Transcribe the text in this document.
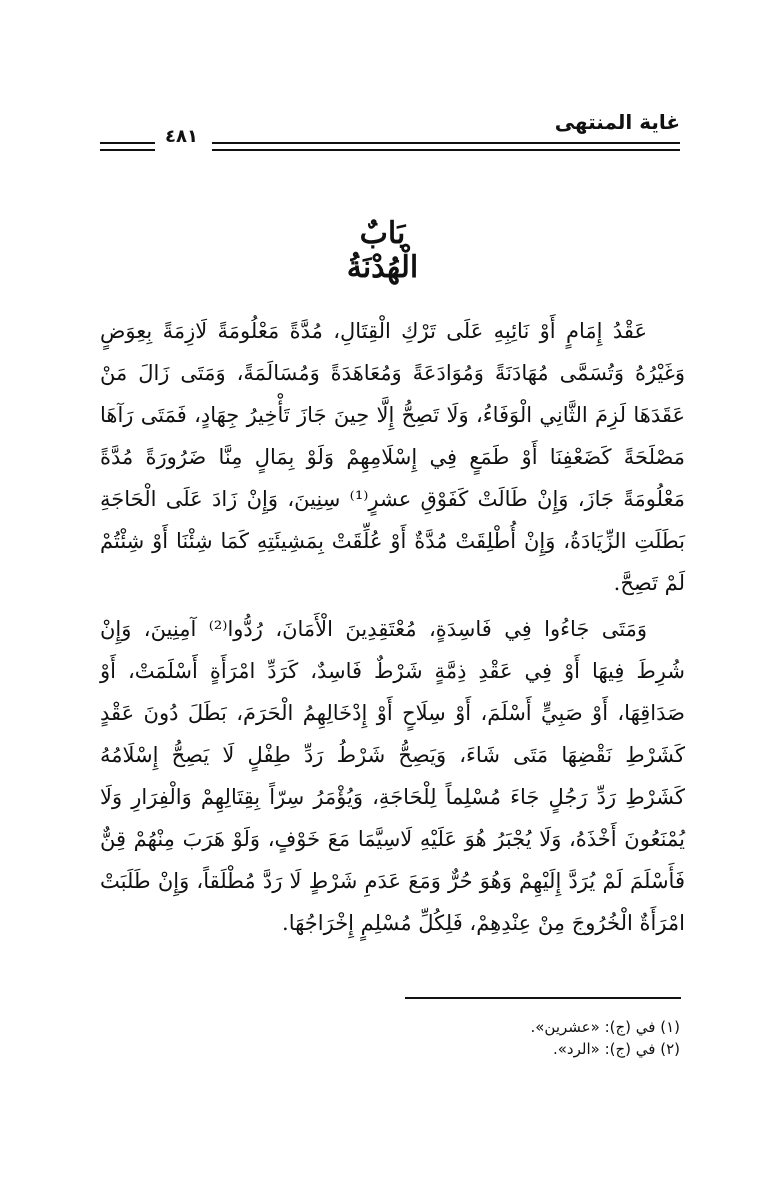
غاية المنتهى
٤٨١
بَابٌ
الْهُدْنَةُ

عَقْدُ إِمَامٍ أَوْ نَائِبِهِ عَلَى تَرْكِ الْقِتَالِ، مُدَّةً مَعْلُومَةً لَازِمَةً بِعِوَضٍ وَغَيْرُهُ وَتُسَمَّى مُهَادَنَةً وَمُوَادَعَةً وَمُعَاهَدَةً وَمُسَالَمَةً، وَمَتَى زَالَ مَنْ عَقَدَهَا لَزِمَ الثَّانِي الْوَفَاءُ، وَلَا تَصِحُّ إِلَّا حِينَ جَازَ تَأْخِيرُ جِهَادٍ، فَمَتَى رَآهَا مَصْلَحَةً كَضَعْفِنَا أَوْ طَمَعٍ فِي إِسْلَامِهِمْ وَلَوْ بِمَالٍ مِنَّا ضَرُورَةً مُدَّةً مَعْلُومَةً جَازَ، وَإِنْ طَالَتْ كَفَوْقِ عشرٍ⁽¹⁾ سِنِينَ، وَإِنْ زَادَ عَلَى الْحَاجَةِ بَطَلَتِ الزِّيَادَةُ، وَإِنْ أُطْلِقَتْ مُدَّةٌ أَوْ عُلِّقَتْ بِمَشِيئَتِهِ كَمَا شِئْنَا أَوْ شِئْتُمْ لَمْ تَصِحَّ.

وَمَتَى جَاءُوا فِي فَاسِدَةٍ، مُعْتَقِدِينَ الْأَمَانَ، رُدُّوا⁽²⁾ آمِنِينَ، وَإِنْ شُرِطَ فِيهَا أَوْ فِي عَقْدِ ذِمَّةٍ شَرْطٌ فَاسِدٌ، كَرَدِّ امْرَأَةٍ أَسْلَمَتْ، أَوْ صَدَاقِهَا، أَوْ صَبِيٍّ أَسْلَمَ، أَوْ سِلَاحٍ أَوْ إِدْخَالِهِمُ الْحَرَمَ، بَطَلَ دُونَ عَقْدٍ كَشَرْطِ نَقْضِهَا مَتَى شَاءَ، وَيَصِحُّ شَرْطُ رَدِّ طِفْلٍ لَا يَصِحُّ إِسْلَامُهُ كَشَرْطِ رَدِّ رَجُلٍ جَاءَ مُسْلِماً لِلْحَاجَةِ، وَيُؤْمَرُ سِرّاً بِقِتَالِهِمْ وَالْفِرَارِ وَلَا يُمْنَعُونَ أَخْذَهُ، وَلَا يُجْبَرُ هُوَ عَلَيْهِ لَاسِيَّمَا مَعَ خَوْفٍ، وَلَوْ هَرَبَ مِنْهُمْ قِنٌّ فَأَسْلَمَ لَمْ يُرَدَّ إِلَيْهِمْ وَهُوَ حُرٌّ وَمَعَ عَدَمِ شَرْطٍ لَا رَدَّ مُطْلَقاً، وَإِنْ طَلَبَتْ امْرَأَةٌ الْخُرُوجَ مِنْ عِنْدِهِمْ، فَلِكُلِّ مُسْلِمٍ إِخْرَاجُهَا.

(١) في (ج): «عشرين».
(٢) في (ج): «الرد».
